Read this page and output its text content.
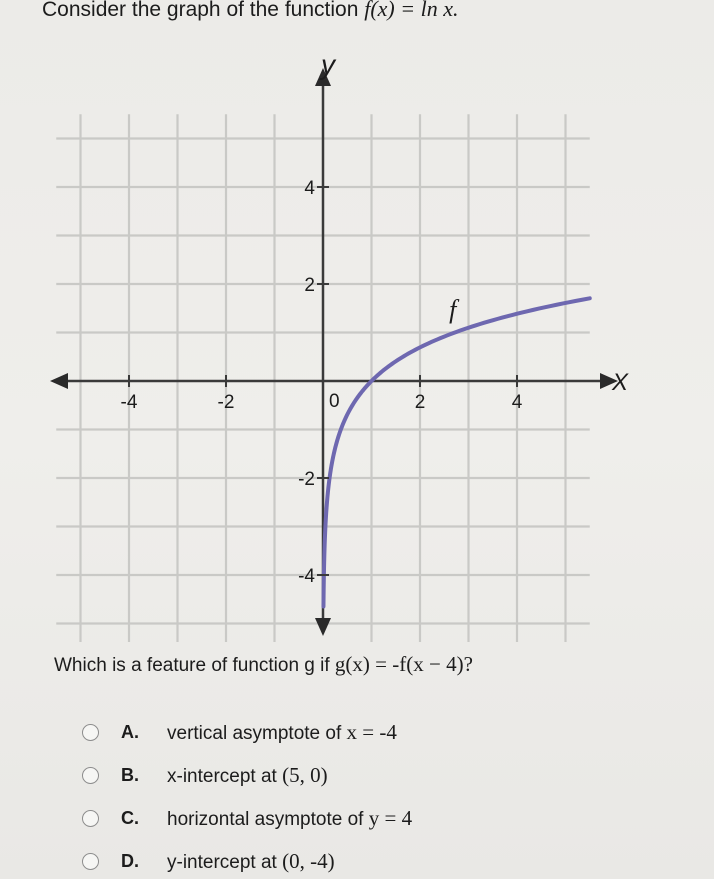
Consider the graph of the function f(x) = ln x.
f
y
X
0
-4	-2	2	4
4
2
-2
-4
Which is a feature of function g if g(x) = -f(x − 4)?
A.	vertical asymptote of x = -4
B.	x-intercept at (5, 0)
C.	horizontal asymptote of y = 4
D.	y-intercept at (0, -4)
